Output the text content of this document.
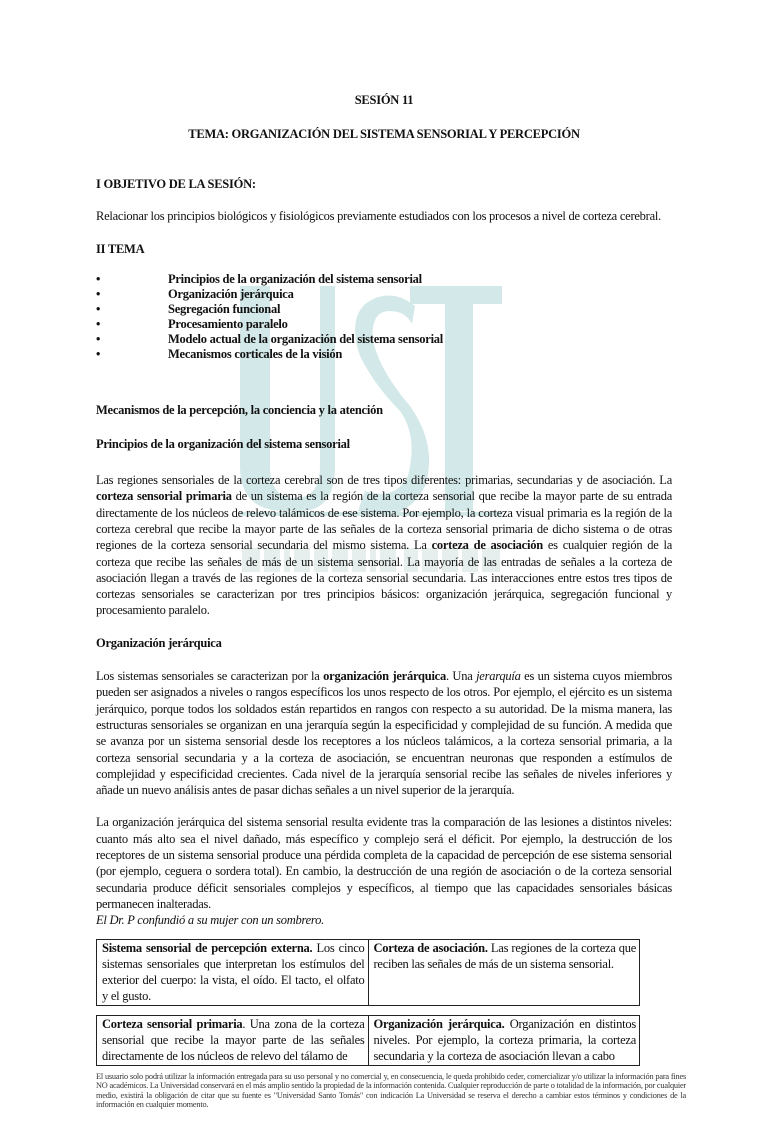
SESIÓN 11
TEMA: ORGANIZACIÓN DEL SISTEMA SENSORIAL Y PERCEPCIÓN
I OBJETIVO DE LA SESIÓN:
Relacionar los principios biológicos y fisiológicos previamente estudiados con los procesos a nivel de corteza cerebral.
II TEMA
• Principios de la organización del sistema sensorial
• Organización jerárquica
• Segregación funcional
• Procesamiento paralelo
• Modelo actual de la organización del sistema sensorial
• Mecanismos corticales de la visión
Mecanismos de la percepción, la conciencia y la atención
Principios de la organización del sistema sensorial

Las regiones sensoriales de la corteza cerebral son de tres tipos diferentes: primarias, secundarias y de asociación. La corteza sensorial primaria de un sistema es la región de la corteza sensorial que recibe la mayor parte de su entrada directamente de los núcleos de relevo talámicos de ese sistema. Por ejemplo, la corteza visual primaria es la región de la corteza cerebral que recibe la mayor parte de las señales de la corteza sensorial primaria de dicho sistema o de otras regiones de la corteza sensorial secundaria del mismo sistema. La corteza de asociación es cualquier región de la corteza que recibe las señales de más de un sistema sensorial. La mayoría de las entradas de señales a la corteza de asociación llegan a través de las regiones de la corteza sensorial secundaria. Las interacciones entre estos tres tipos de cortezas sensoriales se caracterizan por tres principios básicos: organización jerárquica, segregación funcional y procesamiento paralelo.

Organización jerárquica

Los sistemas sensoriales se caracterizan por la organización jerárquica. Una jerarquía es un sistema cuyos miembros pueden ser asignados a niveles o rangos específicos los unos respecto de los otros. Por ejemplo, el ejército es un sistema jerárquico, porque todos los soldados están repartidos en rangos con respecto a su autoridad. De la misma manera, las estructuras sensoriales se organizan en una jerarquía según la especificidad y complejidad de su función. A medida que se avanza por un sistema sensorial desde los receptores a los núcleos talámicos, a la corteza sensorial primaria, a la corteza sensorial secundaria y a la corteza de asociación, se encuentran neuronas que responden a estímulos de complejidad y especificidad crecientes. Cada nivel de la jerarquía sensorial recibe las señales de niveles inferiores y añade un nuevo análisis antes de pasar dichas señales a un nivel superior de la jerarquía.

La organización jerárquica del sistema sensorial resulta evidente tras la comparación de las lesiones a distintos niveles: cuanto más alto sea el nivel dañado, más específico y complejo será el déficit. Por ejemplo, la destrucción de los receptores de un sistema sensorial produce una pérdida completa de la capacidad de percepción de ese sistema sensorial (por ejemplo, ceguera o sordera total). En cambio, la destrucción de una región de asociación o de la corteza sensorial secundaria produce déficit sensoriales complejos y específicos, al tiempo que las capacidades sensoriales básicas permanecen inalteradas.

El Dr. P confundió a su mujer con un sombrero.
Sistema sensorial de percepción externa. Los cinco sistemas sensoriales que interpretan los estímulos del exterior del cuerpo: la vista, el oído. El tacto, el olfato y el gusto.	Corteza de asociación. Las regiones de la corteza que reciben las señales de más de un sistema sensorial.
Corteza sensorial primaria. Una zona de la corteza sensorial que recibe la mayor parte de las señales directamente de los núcleos de relevo del tálamo de	Organización jerárquica. Organización en distintos niveles. Por ejemplo, la corteza primaria, la corteza secundaria y la corteza de asociación llevan a cabo
El usuario solo podrá utilizar la información entregada para su uso personal y no comercial y, en consecuencia, le queda prohibido ceder, comercializar y/o utilizar la información para fines NO académicos. La Universidad conservará en el más amplio sentido la propiedad de la información contenida. Cualquier reproducción de parte o totalidad de la información, por cualquier medio, existirá la obligación de citar que su fuente es "Universidad Santo Tomás" con indicación La Universidad se reserva el derecho a cambiar estos términos y condiciones de la información en cualquier momento.
